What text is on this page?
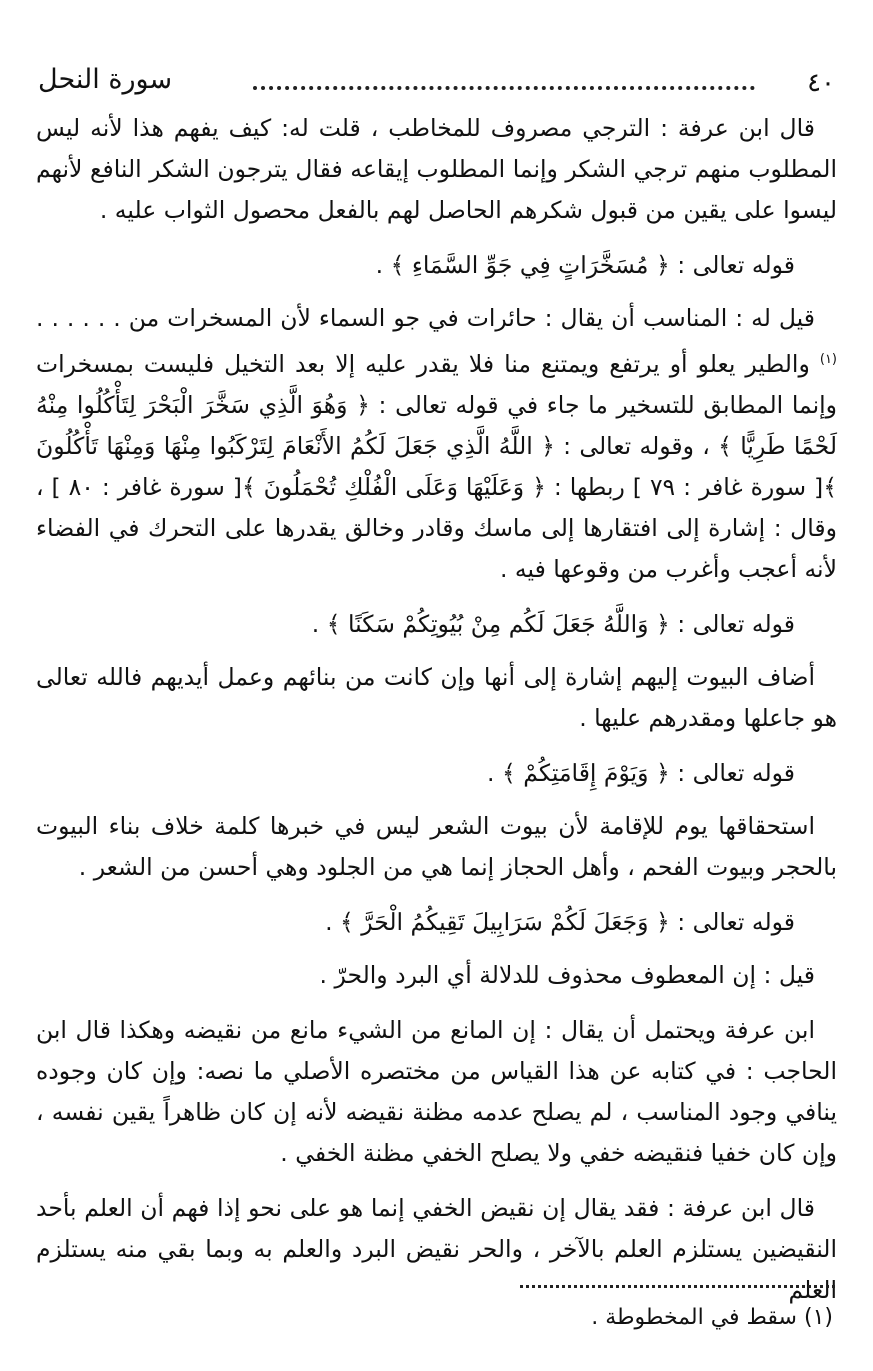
٤٠
سورة النحل

قال ابن عرفة : الترجي مصروف للمخاطب ، قلت له: كيف يفهم هذا لأنه ليس المطلوب منهم ترجي الشكر وإنما المطلوب إيقاعه فقال يترجون الشكر النافع لأنهم ليسوا على يقين من قبول شكرهم الحاصل لهم بالفعل محصول الثواب عليه .

قوله تعالى : ﴿ مُسَخَّرَاتٍ فِي جَوِّ السَّمَاءِ ﴾ .

قيل له : المناسب أن يقال : حائرات في جو السماء لأن المسخرات من . . . . . .$^{(١)}$ والطير يعلو أو يرتفع ويمتنع منا فلا يقدر عليه إلا بعد التخيل فليست بمسخرات وإنما المطابق للتسخير ما جاء في قوله تعالى : ﴿ وَهُوَ الَّذِي سَخَّرَ الْبَحْرَ لِتَأْكُلُوا مِنْهُ لَحْمًا طَرِيًّا ﴾ ، وقوله تعالى : ﴿ اللَّهُ الَّذِي جَعَلَ لَكُمُ الأَنْعَامَ لِتَرْكَبُوا مِنْهَا وَمِنْهَا تَأْكُلُونَ ﴾[ سورة غافر : ٧٩ ] ربطها : ﴿ وَعَلَيْهَا وَعَلَى الْفُلْكِ تُحْمَلُونَ ﴾[ سورة غافر : ٨٠ ] ، وقال : إشارة إلى افتقارها إلى ماسك وقادر وخالق يقدرها على التحرك في الفضاء لأنه أعجب وأغرب من وقوعها فيه .

قوله تعالى : ﴿ وَاللَّهُ جَعَلَ لَكُم مِنْ بُيُوتِكُمْ سَكَنًا ﴾ .

أضاف البيوت إليهم إشارة إلى أنها وإن كانت من بنائهم وعمل أيديهم فالله تعالى هو جاعلها ومقدرهم عليها .

قوله تعالى : ﴿ وَيَوْمَ إِقَامَتِكُمْ ﴾ .

استحقاقها يوم للإقامة لأن بيوت الشعر ليس في خبرها كلمة خلاف بناء البيوت بالحجر وبيوت الفحم ، وأهل الحجاز إنما هي من الجلود وهي أحسن من الشعر .

قوله تعالى : ﴿ وَجَعَلَ لَكُمْ سَرَابِيلَ تَقِيكُمُ الْحَرَّ ﴾ .

قيل : إن المعطوف محذوف للدلالة أي البرد والحرّ .

ابن عرفة ويحتمل أن يقال : إن المانع من الشيء مانع من نقيضه وهكذا قال ابن الحاجب : في كتابه عن هذا القياس من مختصره الأصلي ما نصه: وإن كان وجوده ينافي وجود المناسب ، لم يصلح عدمه مظنة نقيضه لأنه إن كان ظاهراً يقين نفسه ، وإن كان خفيا فنقيضه خفي ولا يصلح الخفي مظنة الخفي .

قال ابن عرفة : فقد يقال إن نقيض الخفي إنما هو على نحو إذا فهم أن العلم بأحد النقيضين يستلزم العلم بالآخر ، والحر نقيض البرد والعلم به وبما بقي منه يستلزم العلم

(١) سقط في المخطوطة .
